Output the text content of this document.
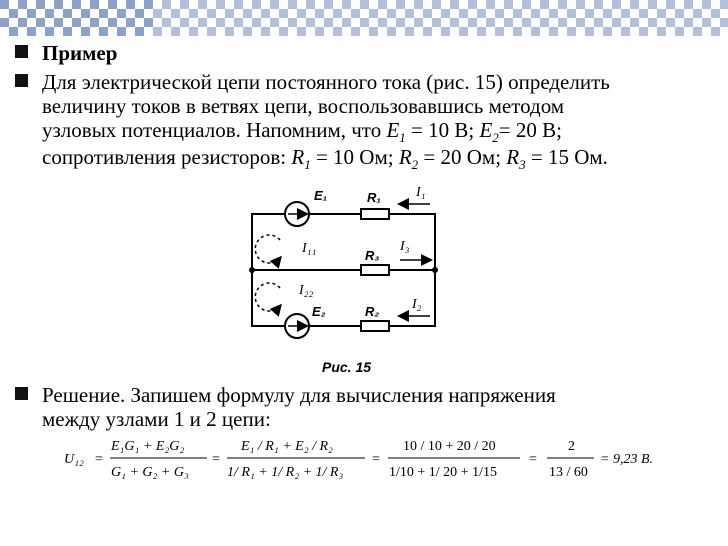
Пример
Для электрической цепи постоянного тока (рис. 15) определить
величину токов в ветвях цепи, воспользовавшись методом
узловых потенциалов. Напомним, что $E_1 = 10$ В; $E_2= 20$ В;
сопротивления резисторов: $R_1 = 10$ Ом; $R_2 = 20$ Ом; $R_3 = 15$ Ом.
E₁	R₁	I₁
I₁₁	R₃
I₃
I₂₂
E₂	R₂ I₂
Рис. 15
Решение. Запишем формулу для вычисления напряжения
между узлами 1 и 2 цепи:
U₁₂ =
E₁G₁ + E₂G₂
G₁ + G₂ + G₃
=
E₁ / R₁ + E₂ / R₂
1/ R₁ + 1/ R₂ + 1/ R₃
=
10 / 10 + 20 / 20
1/10 + 1/ 20 + 1/15
=
2
13 / 60
= 9,23 B.
